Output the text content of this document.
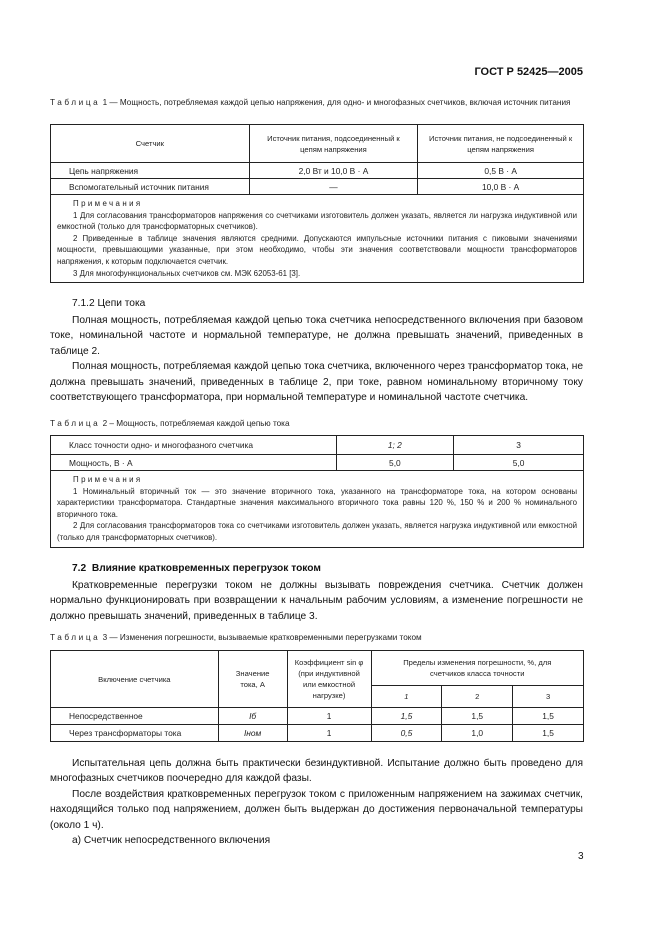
ГОСТ Р 52425—2005
Таблица 1 — Мощность, потребляемая каждой цепью напряжения, для одно- и многофазных счетчиков, включая источник питания
Счетчик	Источник питания, подсоединенный к цепям напряжения	Источник питания, не подсоединенный к цепям напряжения
Цепь напряжения	2,0 Вт и 10,0 В · А	0,5 В · А
Вспомогательный источник питания	—	10,0 В · А

Примечания

1 Для согласования трансформаторов напряжения со счетчиками изготовитель должен указать, является ли нагрузка индуктивной или емкостной (только для трансформаторных счетчиков).

2 Приведенные в таблице значения являются средними. Допускаются импульсные источники питания с пиковыми значениями мощности, превышающими указанные, при этом необходимо, чтобы эти значения соответствовали мощности трансформаторов напряжения, к которым подключается счетчик.

3 Для многофункциональных счетчиков см. МЭК 62053-61 [3].		

7.1.2 Цепи тока

Полная мощность, потребляемая каждой цепью тока счетчика непосредственного включения при базовом токе, номинальной частоте и нормальной температуре, не должна превышать значений, приведенных в таблице 2.

Полная мощность, потребляемая каждой цепью тока счетчика, включенного через трансформатор тока, не должна превышать значений, приведенных в таблице 2, при токе, равном номинальному вторичному току соответствующего трансформатора, при нормальной температуре и номинальной частоте счетчика.

Таблица 2 – Мощность, потребляемая каждой цепью тока
Класс точности одно- и многофазного счетчика	1; 2	3
Мощность, В · А	5,0	5,0

Примечания

1 Номинальный вторичный ток — это значение вторичного тока, указанного на трансформаторе тока, на котором основаны характеристики трансформатора. Стандартные значения максимального вторичного тока равны 120 %, 150 % и 200 % номинального вторичного тока.

2 Для согласования трансформаторов тока со счетчиками изготовитель должен указать, является нагрузка индуктивной или емкостной (только для трансформаторных счетчиков).		

7.2 Влияние кратковременных перегрузок током

Кратковременные перегрузки током не должны вызывать повреждения счетчика. Счетчик должен нормально функционировать при возвращении к начальным рабочим условиям, а изменение погрешности не должно превышать значений, приведенных в таблице 3.

Таблица 3 — Изменения погрешности, вызываемые кратковременными перегрузками током
Включение счетчика	Значение тока, А	Коэффициент sin φ (при индуктивной или емкостной нагрузке)	Пределы изменения погрешности, %, для счетчиков класса точности		
			1	2	3
Непосредственное	Iб	1	1,5	1,5	1,5
Через трансформаторы тока	Iном	1	0,5	1,0	1,5

Испытательная цепь должна быть практически безиндуктивной. Испытание должно быть проведено для многофазных счетчиков поочередно для каждой фазы.

После воздействия кратковременных перегрузок током с приложенным напряжением на зажимах счетчик, находящийся только под напряжением, должен быть выдержан до достижения первоначальной температуры (около 1 ч).

а) Счетчик непосредственного включения

3
